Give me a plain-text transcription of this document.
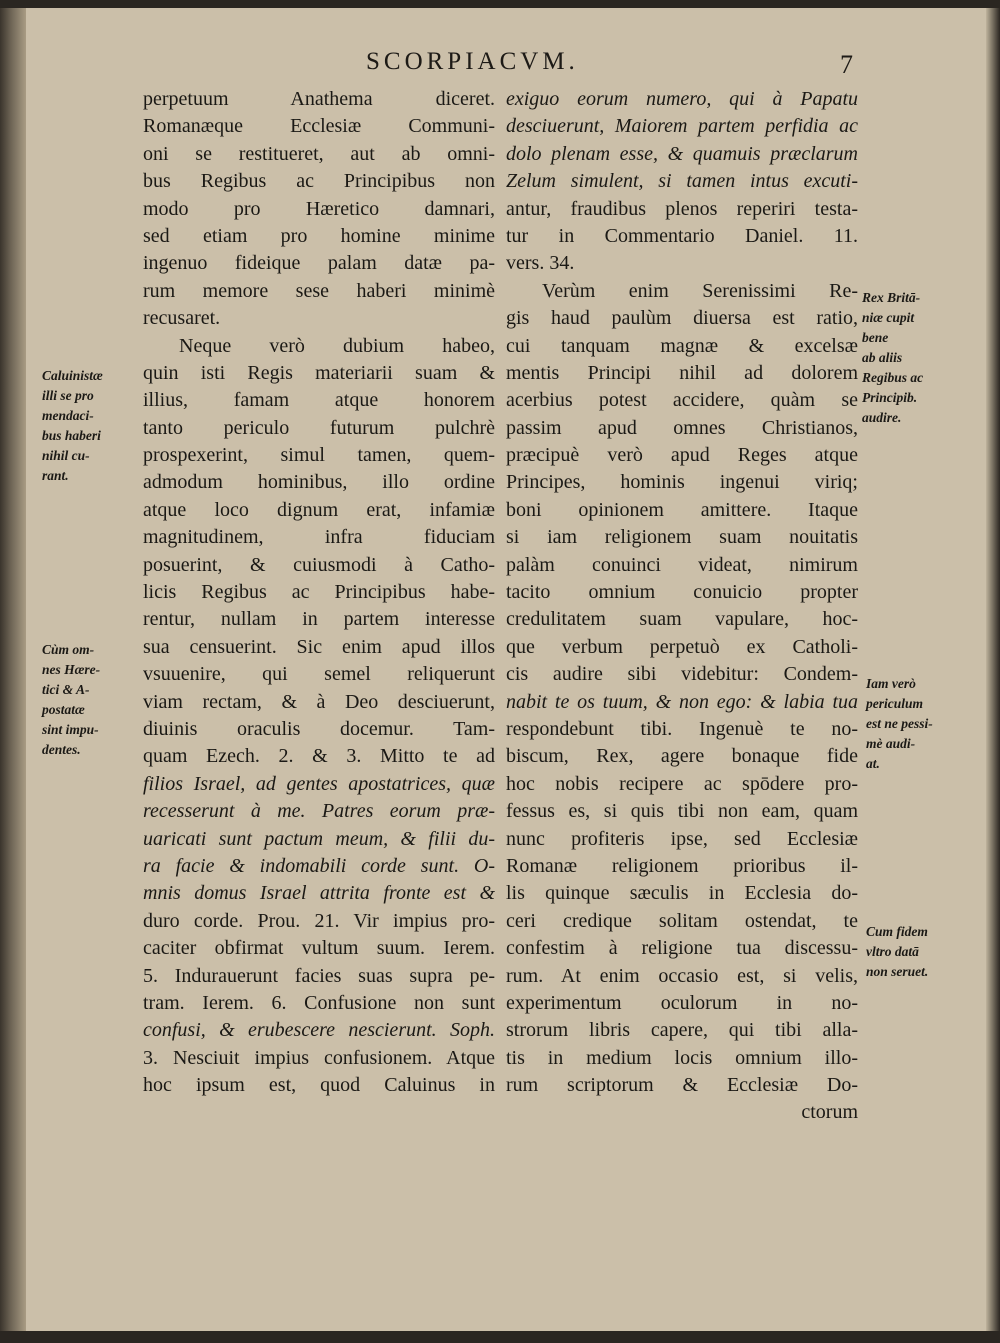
SCORPIACVM.	7
perpetuum Anathema diceret.
Romanæque Ecclesiæ Communi-
oni se restitueret, aut ab omni-
bus Regibus ac Principibus non
modo pro Hæretico damnari,
sed etiam pro homine minime
ingenuo fideique palam datæ pa-
rum memore sese haberi minimè
recusaret.
Neque verò dubium habeo,
quin isti Regis materiarii suam &
illius, famam atque honorem
tanto periculo futurum pulchrè
prospexerint, simul tamen, quem-
admodum hominibus, illo ordine
atque loco dignum erat, infamiæ
magnitudinem, infra fiduciam
posuerint, & cuiusmodi à Catho-
licis Regibus ac Principibus habe-
rentur, nullam in partem interesse
sua censuerint. Sic enim apud illos
vsuuenire, qui semel reliquerunt
viam rectam, & à Deo desciuerunt,
diuinis oraculis docemur. Tam-
quam Ezech. 2. & 3. Mitto te ad
filios Israel, ad gentes apostatrices, quæ
recesserunt à me. Patres eorum præ-
uaricati sunt pactum meum, & filii du-
ra facie & indomabili corde sunt. O-
mnis domus Israel attrita fronte est &
duro corde. Prou. 21. Vir impius pro-
caciter obfirmat vultum suum. Ierem.
5. Indurauerunt facies suas supra pe-
tram. Ierem. 6. Confusione non sunt
confusi, & erubescere nescierunt. Soph.
3. Nesciuit impius confusionem. Atque
hoc ipsum est, quod Caluinus in
exiguo eorum numero, qui à Papatu
desciuerunt, Maiorem partem perfidia ac
dolo plenam esse, & quamuis præclarum
Zelum simulent, si tamen intus excuti-
antur, fraudibus plenos reperiri testa-
tur in Commentario Daniel. 11.
vers. 34.
Verùm enim Serenissimi Re-
gis haud paulùm diuersa est ratio,
cui tanquam magnæ & excelsæ
mentis Principi nihil ad dolorem
acerbius potest accidere, quàm se
passim apud omnes Christianos,
præcipuè verò apud Reges atque
Principes, hominis ingenui viriq;
boni opinionem amittere. Itaque
si iam religionem suam nouitatis
palàm conuinci videat, nimirum
tacito omnium conuicio propter
credulitatem suam vapulare, hoc-
que verbum perpetuò ex Catholi-
cis audire sibi videbitur: Condem-
nabit te os tuum, & non ego: & labia tua
respondebunt tibi. Ingenuè te no-
biscum, Rex, agere bonaque fide
hoc nobis recipere ac spōdere pro-
fessus es, si quis tibi non eam, quam
nunc profiteris ipse, sed Ecclesiæ
Romanæ religionem prioribus il-
lis quinque sæculis in Ecclesia do-
ceri credique solitam ostendat, te
confestim à religione tua discessu-
rum. At enim occasio est, si velis,
experimentum oculorum in no-
strorum libris capere, qui tibi alla-
tis in medium locis omnium illo-
rum scriptorum & Ecclesiæ Do-
ctorum
Caluinistæ
illi se pro
mendaci-
bus haberi
nihil cu-
rant.
Cùm om-
nes Hære-
tici & A-
postatæ
sint impu-
dentes.
Rex Britā-
niæ cupit
bene
ab aliis
Regibus ac
Principib.
audire.
Iam verò
periculum
est ne pessi-
mè audi-
at.
Cum fidem
vltro datā
non seruet.
